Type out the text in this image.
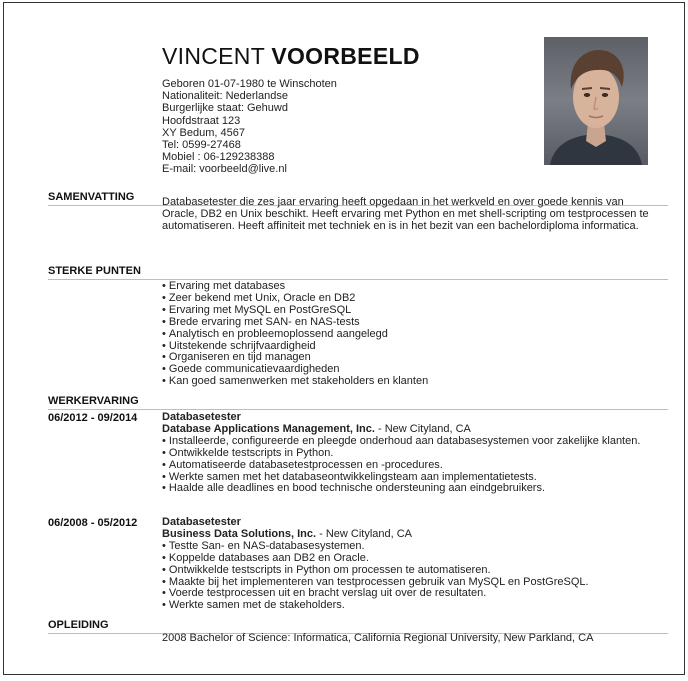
VINCENT VOORBEELD
Geboren 01-07-1980 te Winschoten
Nationaliteit: Nederlandse
Burgerlijke staat: Gehuwd
Hoofdstraat 123
XY Bedum, 4567
Tel: 0599-27468
Mobiel : 06-129238388
E-mail: voorbeeld@live.nl
SAMENVATTING	Databasetester die zes jaar ervaring heeft opgedaan in het werkveld en over goede kennis van Oracle, DB2 en Unix beschikt. Heeft ervaring met Python en met shell-scripting om testprocessen te automatiseren. Heeft affiniteit met techniek en is in het bezit van een bachelordiploma informatica.
STERKE PUNTEN
• Ervaring met databases
• Zeer bekend met Unix, Oracle en DB2
• Ervaring met MySQL en PostGreSQL
• Brede ervaring met SAN- en NAS-tests
• Analytisch en probleemoplossend aangelegd
• Uitstekende schrijfvaardigheid
• Organiseren en tijd managen
• Goede communicatievaardigheden
• Kan goed samenwerken met stakeholders en klanten
WERKERVARING
06/2012 - 09/2014 Databasetester
Database Applications Management, Inc. - New Cityland, CA
• Installeerde, configureerde en pleegde onderhoud aan databasesystemen voor zakelijke klanten.
• Ontwikkelde testscripts in Python.
• Automatiseerde databasetestprocessen en -procedures.
• Werkte samen met het databaseontwikkelingsteam aan implementatietests.
• Haalde alle deadlines en bood technische ondersteuning aan eindgebruikers.
06/2008 - 05/2012 Databasetester
Business Data Solutions, Inc. - New Cityland, CA
• Testte San- en NAS-databasesystemen.
• Koppelde databases aan DB2 en Oracle.
• Ontwikkelde testscripts in Python om processen te automatiseren.
• Maakte bij het implementeren van testprocessen gebruik van MySQL en PostGreSQL.
• Voerde testprocessen uit en bracht verslag uit over de resultaten.
• Werkte samen met de stakeholders.
OPLEIDING
2008 Bachelor of Science: Informatica, California Regional University, New Parkland, CA
